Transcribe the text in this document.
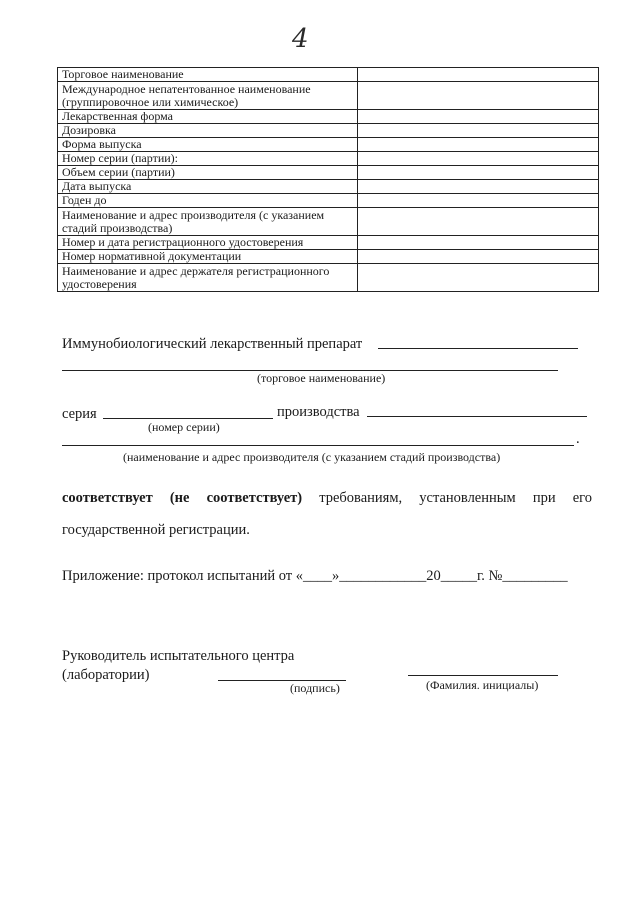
4
Торговое наименование	
Международное непатентованное наименование (группировочное или химическое)	
Лекарственная форма	
Дозировка	
Форма выпуска	
Номер серии (партии):	
Объем серии (партии)	
Дата выпуска	
Годен до	
Наименование и адрес производителя (с указанием стадий производства)	
Номер и дата регистрационного удостоверения	
Номер нормативной документации	
Наименование и адрес держателя регистрационного удостоверения	
Иммунобиологический лекарственный препарат
(торговое наименование)
серия	производства
(номер серии)
.
(наименование и адрес производителя (с указанием стадий производства)
соответствует (не соответствует) требованиям, установленным при его
государственной регистрации.
Приложение: протокол испытаний от «____»____________20_____г. №_________
Руководитель испытательного центра
(лаборатории)
(подпись)	(Фамилия. инициалы)
